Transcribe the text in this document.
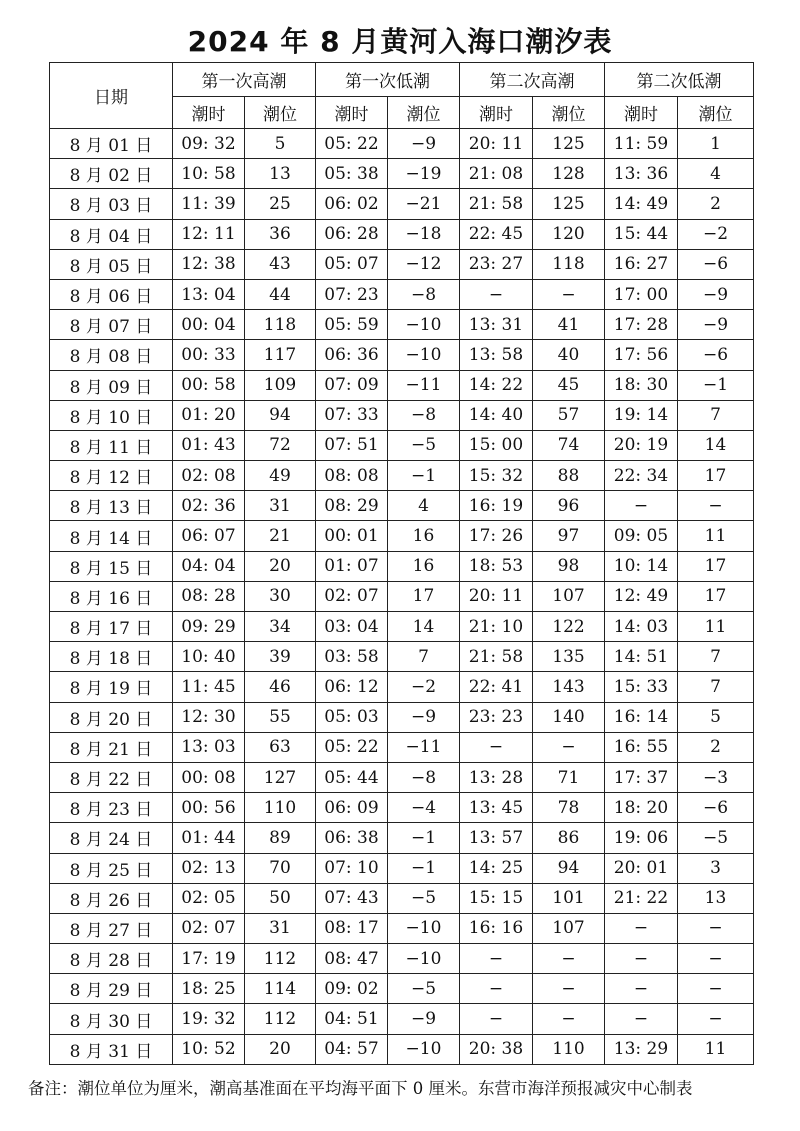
2024 年 8 月黄河入海口潮汐表
日期	第一次高潮		第一次低潮		第二次高潮		第二次低潮	
	潮时	潮位	潮时	潮位	潮时	潮位	潮时	潮位
8 月 01 日	09: 32	5	05: 22	−9	20: 11	125	11: 59	1
8 月 02 日	10: 58	13	05: 38	−19	21: 08	128	13: 36	4
8 月 03 日	11: 39	25	06: 02	−21	21: 58	125	14: 49	2
8 月 04 日	12: 11	36	06: 28	−18	22: 45	120	15: 44	−2
8 月 05 日	12: 38	43	05: 07	−12	23: 27	118	16: 27	−6
8 月 06 日	13: 04	44	07: 23	−8	−	−	17: 00	−9
8 月 07 日	00: 04	118	05: 59	−10	13: 31	41	17: 28	−9
8 月 08 日	00: 33	117	06: 36	−10	13: 58	40	17: 56	−6
8 月 09 日	00: 58	109	07: 09	−11	14: 22	45	18: 30	−1
8 月 10 日	01: 20	94	07: 33	−8	14: 40	57	19: 14	7
8 月 11 日	01: 43	72	07: 51	−5	15: 00	74	20: 19	14
8 月 12 日	02: 08	49	08: 08	−1	15: 32	88	22: 34	17
8 月 13 日	02: 36	31	08: 29	4	16: 19	96	−	−
8 月 14 日	06: 07	21	00: 01	16	17: 26	97	09: 05	11
8 月 15 日	04: 04	20	01: 07	16	18: 53	98	10: 14	17
8 月 16 日	08: 28	30	02: 07	17	20: 11	107	12: 49	17
8 月 17 日	09: 29	34	03: 04	14	21: 10	122	14: 03	11
8 月 18 日	10: 40	39	03: 58	7	21: 58	135	14: 51	7
8 月 19 日	11: 45	46	06: 12	−2	22: 41	143	15: 33	7
8 月 20 日	12: 30	55	05: 03	−9	23: 23	140	16: 14	5
8 月 21 日	13: 03	63	05: 22	−11	−	−	16: 55	2
8 月 22 日	00: 08	127	05: 44	−8	13: 28	71	17: 37	−3
8 月 23 日	00: 56	110	06: 09	−4	13: 45	78	18: 20	−6
8 月 24 日	01: 44	89	06: 38	−1	13: 57	86	19: 06	−5
8 月 25 日	02: 13	70	07: 10	−1	14: 25	94	20: 01	3
8 月 26 日	02: 05	50	07: 43	−5	15: 15	101	21: 22	13
8 月 27 日	02: 07	31	08: 17	−10	16: 16	107	−	−
8 月 28 日	17: 19	112	08: 47	−10	−	−	−	−
8 月 29 日	18: 25	114	09: 02	−5	−	−	−	−
8 月 30 日	19: 32	112	04: 51	−9	−	−	−	−
8 月 31 日	10: 52	20	04: 57	−10	20: 38	110	13: 29	11
备注：潮位单位为厘米，潮高基准面在平均海平面下 0 厘米。东营市海洋预报减灾中心制表
